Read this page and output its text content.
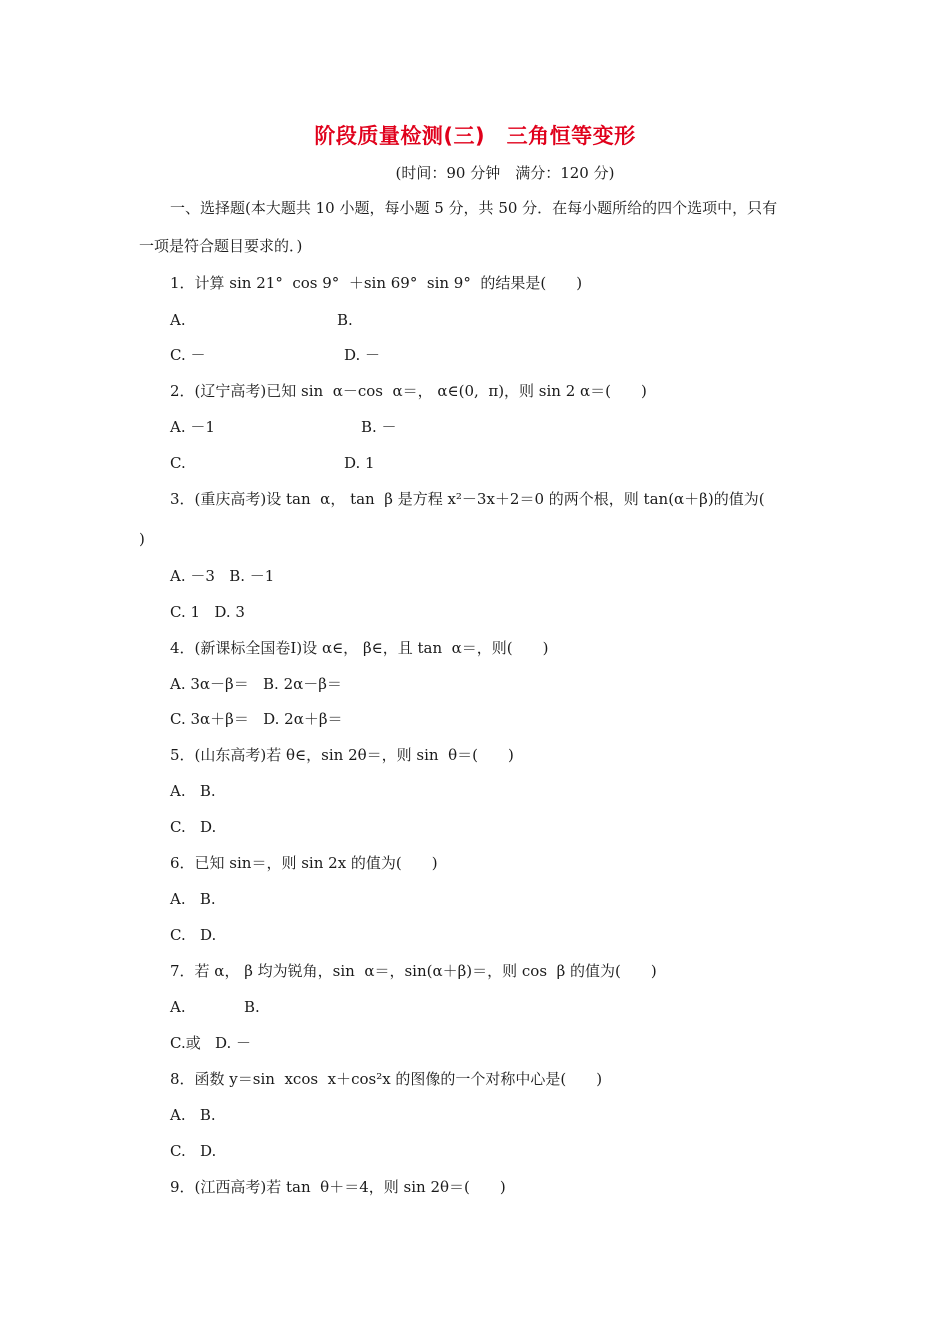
阶段质量检测(三)　三角恒等变形
(时间：90 分钟　满分：120 分)
一、选择题(本大题共 10 小题，每小题 5 分，共 50 分．在每小题所给的四个选项中，只有
一项是符合题目要求的．)
1．计算 sin 21°  cos 9°  ＋sin 69°  sin 9°  的结果是(　　)
A.	B.
C. －	D. －
2．(辽宁高考)已知 sin  α－cos  α＝， α∈(0,  π)，则 sin 2 α＝(　　)
A. －1	B. －
C.	D. 1
3．(重庆高考)设 tan  α， tan  β 是方程 x²－3x＋2＝0 的两个根，则 tan(α＋β)的值为(
)
A. －3   B. －1
C. 1   D. 3
4．(新课标全国卷Ⅰ)设 α∈， β∈，且 tan  α＝，则(　　)
A. 3α－β＝   B. 2α－β＝
C. 3α＋β＝   D. 2α＋β＝
5．(山东高考)若 θ∈，sin 2θ＝，则 sin  θ＝(　　)
A.   B.
C.   D.
6．已知 sin＝，则 sin 2x 的值为(　　)
A.   B.
C.   D.
7．若 α， β 均为锐角，sin  α＝，sin(α＋β)＝，则 cos  β 的值为(　　)
A.	B.
C.或   D. －
8．函数 y＝sin  xcos  x＋cos²x 的图像的一个对称中心是(　　)
A.   B.
C.   D.
9．(江西高考)若 tan  θ＋＝4，则 sin 2θ＝(　　)
